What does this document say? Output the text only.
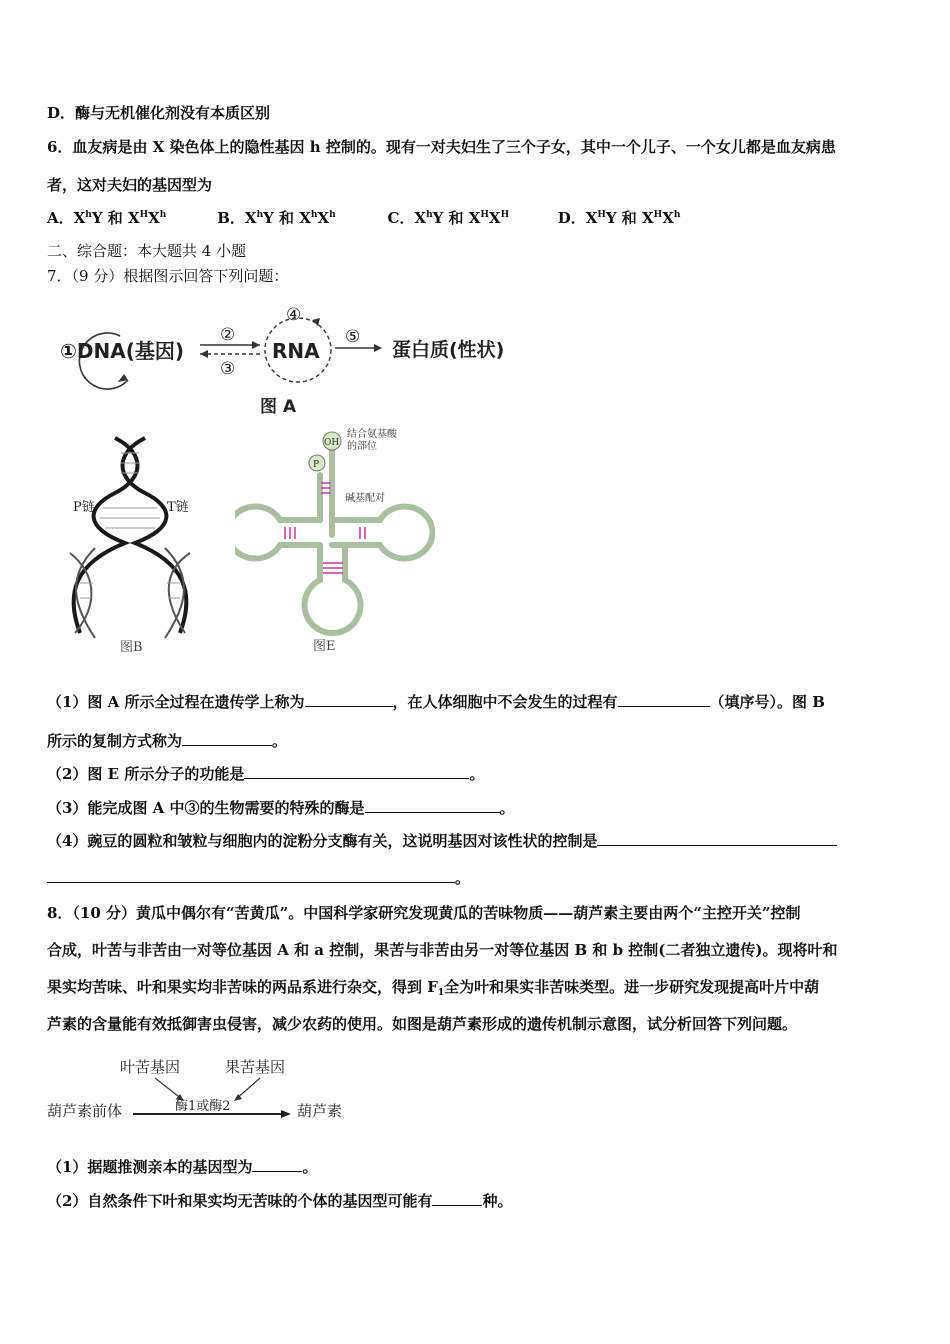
D．酶与无机催化剂没有本质区别
6．血友病是由 X 染色体上的隐性基因 h 控制的。现有一对夫妇生了三个子女，其中一个儿子、一个女儿都是血友病患
者，这对夫妇的基因型为
A．$X^hY$ 和 $X^HX^h$	B．$X^hY$ 和 $X^hX^h$	C．$X^hY$ 和 $X^HX^H$	D．$X^HY$ 和 $X^HX^h$
二、综合题：本大题共 4 小题
7．（9 分）根据图示回答下列问题：
①DNA(基因)
②
③
④
RNA
⑤
蛋白质(性状)
图 A
P链	T链
图B
OH
P
结合氨基酸
的部位
碱基配对
图E
（1）图 A 所示全过程在遗传学上称为	，在人体细胞中不会发生的过程有	（填序号）。图 B
所示的复制方式称为	。
（2）图 E 所示分子的功能是	。
（3）能完成图 A 中③的生物需要的特殊的酶是	。
（4）豌豆的圆粒和皱粒与细胞内的淀粉分支酶有关，这说明基因对该性状的控制是
。
8．（10 分）黄瓜中偶尔有“苦黄瓜”。中国科学家研究发现黄瓜的苦味物质——葫芦素主要由两个“主控开关”控制
合成，叶苦与非苦由一对等位基因 A 和 a 控制，果苦与非苦由另一对等位基因 B 和 b 控制(二者独立遗传)。现将叶和
果实均苦味、叶和果实均非苦味的两品系进行杂交，得到 $F_1$全为叶和果实非苦味类型。进一步研究发现提高叶片中葫
芦素的含量能有效抵御害虫侵害，减少农药的使用。如图是葫芦素形成的遗传机制示意图，试分析回答下列问题。
叶苦基因	果苦基因
葫芦素前体	酶1或酶2	葫芦素
（1）据题推测亲本的基因型为	。
（2）自然条件下叶和果实均无苦味的个体的基因型可能有	种。
